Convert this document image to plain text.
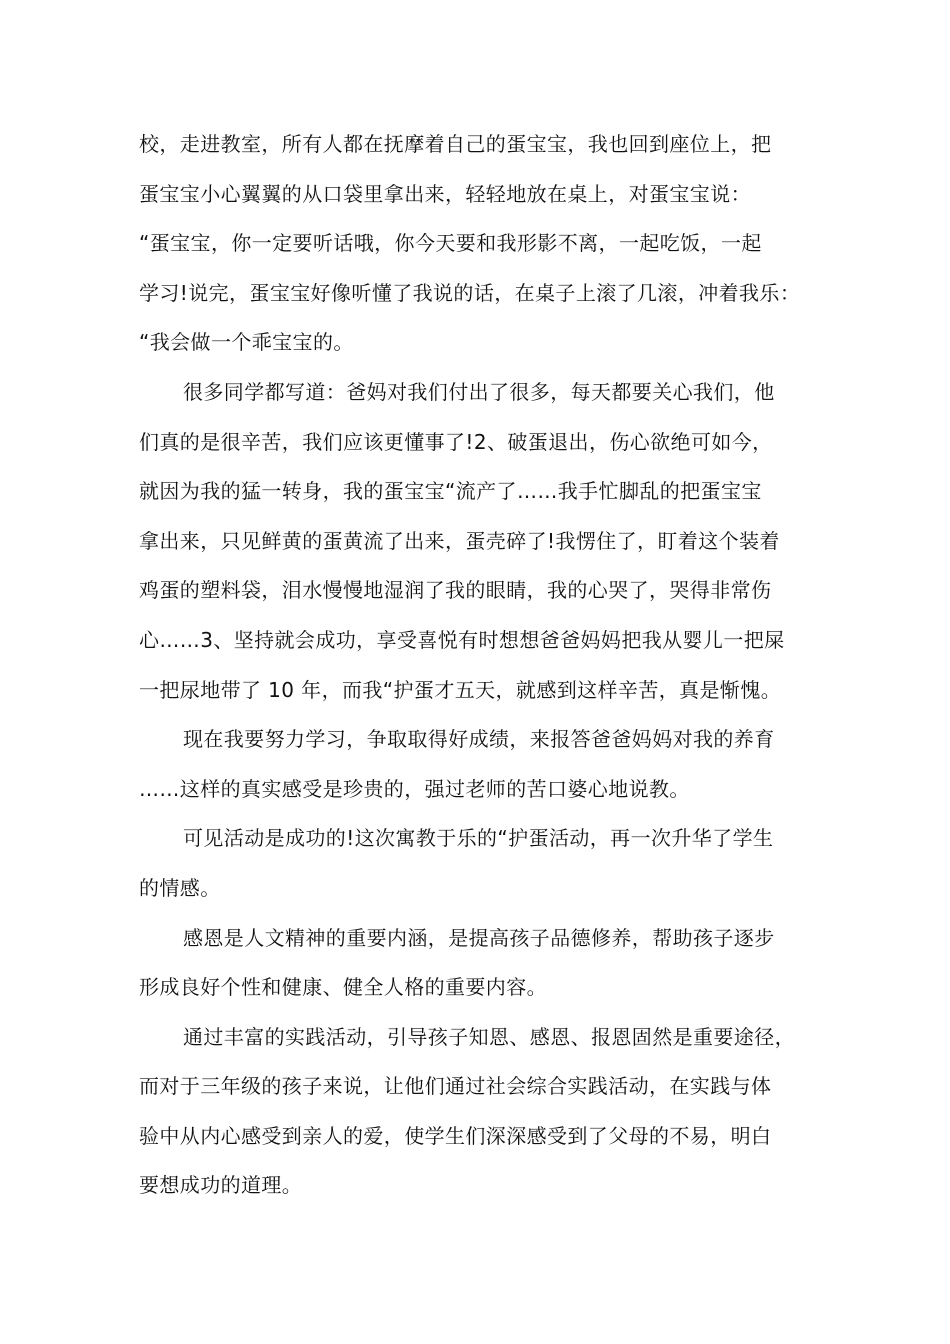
校，走进教室，所有人都在抚摩着自己的蛋宝宝，我也回到座位上，把
蛋宝宝小心翼翼的从口袋里拿出来，轻轻地放在桌上，对蛋宝宝说：
“蛋宝宝，你一定要听话哦，你今天要和我形影不离，一起吃饭，一起
学习!说完，蛋宝宝好像听懂了我说的话，在桌子上滚了几滚，冲着我乐：
“我会做一个乖宝宝的。

很多同学都写道：爸妈对我们付出了很多，每天都要关心我们，他
们真的是很辛苦，我们应该更懂事了!2、破蛋退出，伤心欲绝可如今，
就因为我的猛一转身，我的蛋宝宝“流产了……我手忙脚乱的把蛋宝宝
拿出来，只见鲜黄的蛋黄流了出来，蛋壳碎了!我愣住了，盯着这个装着
鸡蛋的塑料袋，泪水慢慢地湿润了我的眼睛，我的心哭了，哭得非常伤
心……3、坚持就会成功，享受喜悦有时想想爸爸妈妈把我从婴儿一把屎
一把尿地带了 10 年，而我“护蛋才五天，就感到这样辛苦，真是惭愧。

现在我要努力学习，争取取得好成绩，来报答爸爸妈妈对我的养育
……这样的真实感受是珍贵的，强过老师的苦口婆心地说教。

可见活动是成功的!这次寓教于乐的“护蛋活动，再一次升华了学生
的情感。

感恩是人文精神的重要内涵，是提高孩子品德修养，帮助孩子逐步
形成良好个性和健康、健全人格的重要内容。

通过丰富的实践活动，引导孩子知恩、感恩、报恩固然是重要途径，
而对于三年级的孩子来说，让他们通过社会综合实践活动，在实践与体
验中从内心感受到亲人的爱，使学生们深深感受到了父母的不易，明白
要想成功的道理。
